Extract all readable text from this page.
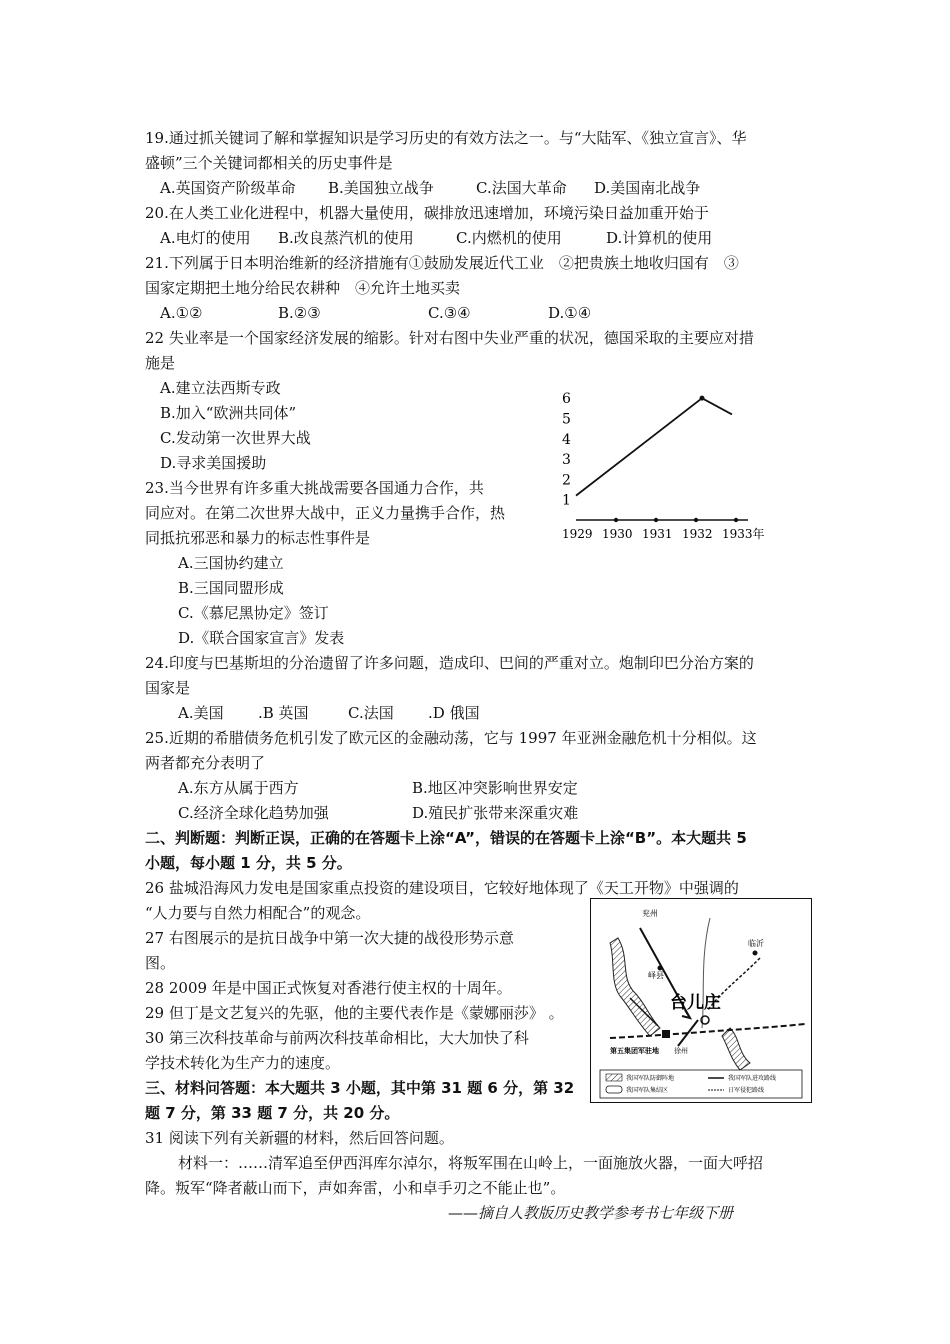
19.通过抓关键词了解和掌握知识是学习历史的有效方法之一。与“大陆军、《独立宣言》、华
盛顿”三个关键词都相关的历史事件是
A.英国资产阶级革命 B.美国独立战争	C.法国大革命 D.美国南北战争
20.在人类工业化进程中，机器大量使用，碳排放迅速增加，环境污染日益加重开始于
A.电灯的使用 B.改良蒸汽机的使用	C.内燃机的使用	D.计算机的使用
21.下列属于日本明治维新的经济措施有①鼓励发展近代工业　②把贵族土地收归国有　③
国家定期把土地分给民农耕种　④允许土地买卖
A.①②	B.②③	C.③④	D.①④
22 失业率是一个国家经济发展的缩影。针对右图中失业严重的状况，德国采取的主要应对措
施是
A.建立法西斯专政
B.加入“欧洲共同体”
C.发动第一次世界大战
D.寻求美国援助
1
2
3
4
5
6
1929 1930 1931 1932 1933年
23.当今世界有许多重大挑战需要各国通力合作，共
同应对。在第二次世界大战中，正义力量携手合作，热
同抵抗邪恶和暴力的标志性事件是
A.三国协约建立
B.三国同盟形成
C.《慕尼黑协定》签订
D.《联合国家宣言》发表
24.印度与巴基斯坦的分治遗留了许多问题，造成印、巴间的严重对立。炮制印巴分治方案的
国家是
A.美国 .B 英国	C.法国 .D 俄国
25.近期的希腊债务危机引发了欧元区的金融动荡，它与 1997 年亚洲金融危机十分相似。这
两者都充分表明了
A.东方从属于西方	B.地区冲突影响世界安定
C.经济全球化趋势加强	D.殖民扩张带来深重灾难
二、判断题：判断正误，正确的在答题卡上涂“A”，错误的在答题卡上涂“B”。本大题共 5
小题，每小题 1 分，共 5 分。
26 盐城沿海风力发电是国家重点投资的建设项目，它较好地体现了《天工开物》中强调的
“人力要与自然力相配合”的观念。
27 右图展示的是抗日战争中第一次大捷的战役形势示意
图。
28 2009 年是中国正式恢复对香港行使主权的十周年。
29 但丁是文艺复兴的先驱，他的主要代表作是《蒙娜丽莎》 。
30 第三次科技革命与前两次科技革命相比，大大加快了科
学技术转化为生产力的速度。
兖州
峄县
临沂
台儿庄
第五集团军驻地 徐州
我国军队防御阵地
我国军队集结区
我国军队进攻路线
日军侵犯路线
三、材料问答题：本大题共 3 小题，其中第 31 题 6 分，第 32
题 7 分，第 33 题 7 分，共 20 分。
31 阅读下列有关新疆的材料，然后回答问题。
材料一：……清军追至伊西洱库尔淖尔，将叛军围在山岭上，一面施放火器，一面大呼招
降。叛军“降者蔽山而下，声如奔雷，小和卓手刃之不能止也”。
——摘自人教版历史教学参考书七年级下册
